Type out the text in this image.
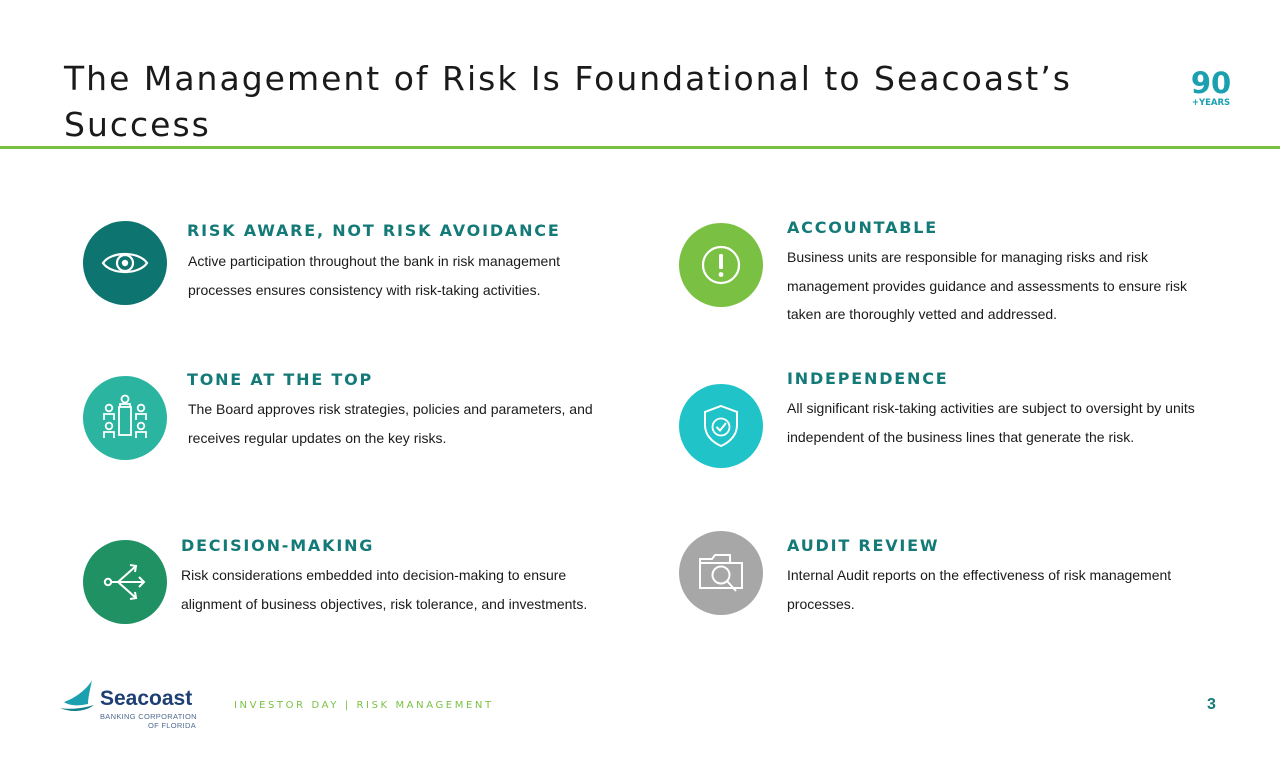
The Management of Risk Is Foundational to Seacoast’s Success
90
+YEARS
RISK AWARE, NOT RISK AVOIDANCE

Active participation throughout the bank in risk management processes ensures consistency with risk-taking activities.

ACCOUNTABLE

Business units are responsible for managing risks and risk management provides guidance and assessments to ensure risk taken are thoroughly vetted and addressed.

TONE AT THE TOP

The Board approves risk strategies, policies and parameters, and receives regular updates on the key risks.

INDEPENDENCE

All significant risk-taking activities are subject to oversight by units independent of the business lines that generate the risk.

DECISION-MAKING

Risk considerations embedded into decision-making to ensure alignment of business objectives, risk tolerance, and investments.

AUDIT REVIEW

Internal Audit reports on the effectiveness of risk management processes.

Seacoast
BANKING CORPORATION
OF FLORIDA
INVESTOR DAY | RISK MANAGEMENT	3
